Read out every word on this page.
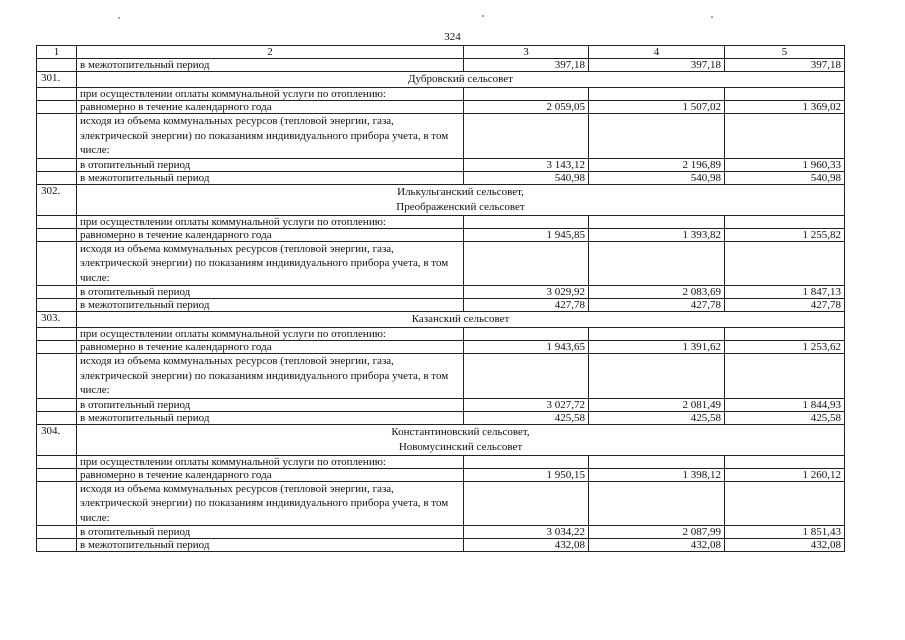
324
1	2	3	4	5
	в межотопительный период	397,18	397,18	397,18
301.	Дубровский сельсовет			
	при осуществлении оплаты коммунальной услуги по отоплению:			
	равномерно в течение календарного года	2 059,05	1 507,02	1 369,02
	исходя из объема коммунальных ресурсов (тепловой энергии, газа, электрической энергии) по показаниям индивидуального прибора учета, в том числе:			
	в отопительный период	3 143,12	2 196,89	1 960,33
	в межотопительный период	540,98	540,98	540,98
302.	Илькульганский сельсовет,
Преображенский сельсовет			
	при осуществлении оплаты коммунальной услуги по отоплению:			
	равномерно в течение календарного года	1 945,85	1 393,82	1 255,82
	исходя из объема коммунальных ресурсов (тепловой энергии, газа, электрической энергии) по показаниям индивидуального прибора учета, в том числе:			
	в отопительный период	3 029,92	2 083,69	1 847,13
	в межотопительный период	427,78	427,78	427,78
303.	Казанский сельсовет			
	при осуществлении оплаты коммунальной услуги по отоплению:			
	равномерно в течение календарного года	1 943,65	1 391,62	1 253,62
	исходя из объема коммунальных ресурсов (тепловой энергии, газа, электрической энергии) по показаниям индивидуального прибора учета, в том числе:			
	в отопительный период	3 027,72	2 081,49	1 844,93
	в межотопительный период	425,58	425,58	425,58
304.	Константиновский сельсовет,
Новомусинский сельсовет			
	при осуществлении оплаты коммунальной услуги по отоплению:			
	равномерно в течение календарного года	1 950,15	1 398,12	1 260,12
	исходя из объема коммунальных ресурсов (тепловой энергии, газа, электрической энергии) по показаниям индивидуального прибора учета, в том числе:			
	в отопительный период	3 034,22	2 087,99	1 851,43
	в межотопительный период	432,08	432,08	432,08
